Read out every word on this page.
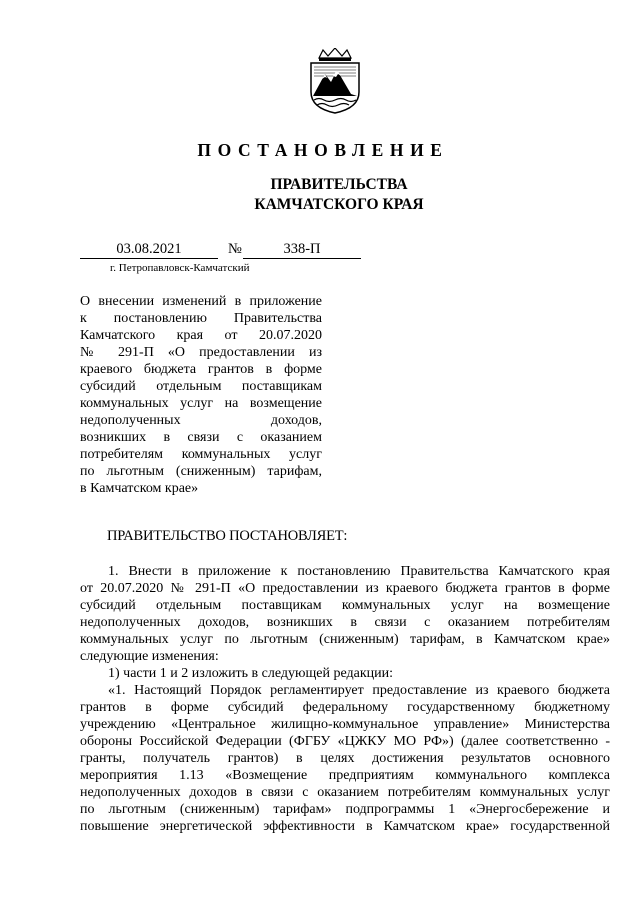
ПОСТАНОВЛЕНИЕ
ПРАВИТЕЛЬСТВА
КАМЧАТСКОГО КРАЯ
03.08.2021	№	338-П
г. Петропавловск-Камчатский
О внесении изменений в приложение
к постановлению Правительства
Камчатского края от 20.07.2020
№ 291-П «О предоставлении из
краевого бюджета грантов в форме
субсидий отдельным поставщикам
коммунальных услуг на возмещение
недополученных доходов,
возникших в связи с оказанием
потребителям коммунальных услуг
по льготным (сниженным) тарифам,
в Камчатском крае»
ПРАВИТЕЛЬСТВО ПОСТАНОВЛЯЕТ:
1. Внести в приложение к постановлению Правительства Камчатского края
от 20.07.2020 № 291-П «О предоставлении из краевого бюджета грантов в форме
субсидий отдельным поставщикам коммунальных услуг на возмещение
недополученных доходов, возникших в связи с оказанием потребителям
коммунальных услуг по льготным (сниженным) тарифам, в Камчатском крае»
следующие изменения:
1) части 1 и 2 изложить в следующей редакции:
«1. Настоящий Порядок регламентирует предоставление из краевого бюджета
грантов в форме субсидий федеральному государственному бюджетному
учреждению «Центральное жилищно-коммунальное управление» Министерства
обороны Российской Федерации (ФГБУ «ЦЖКУ МО РФ») (далее соответственно -
гранты, получатель грантов) в целях достижения результатов основного
мероприятия 1.13 «Возмещение предприятиям коммунального комплекса
недополученных доходов в связи с оказанием потребителям коммунальных услуг
по льготным (сниженным) тарифам» подпрограммы 1 «Энергосбережение и
повышение энергетической эффективности в Камчатском крае» государственной
